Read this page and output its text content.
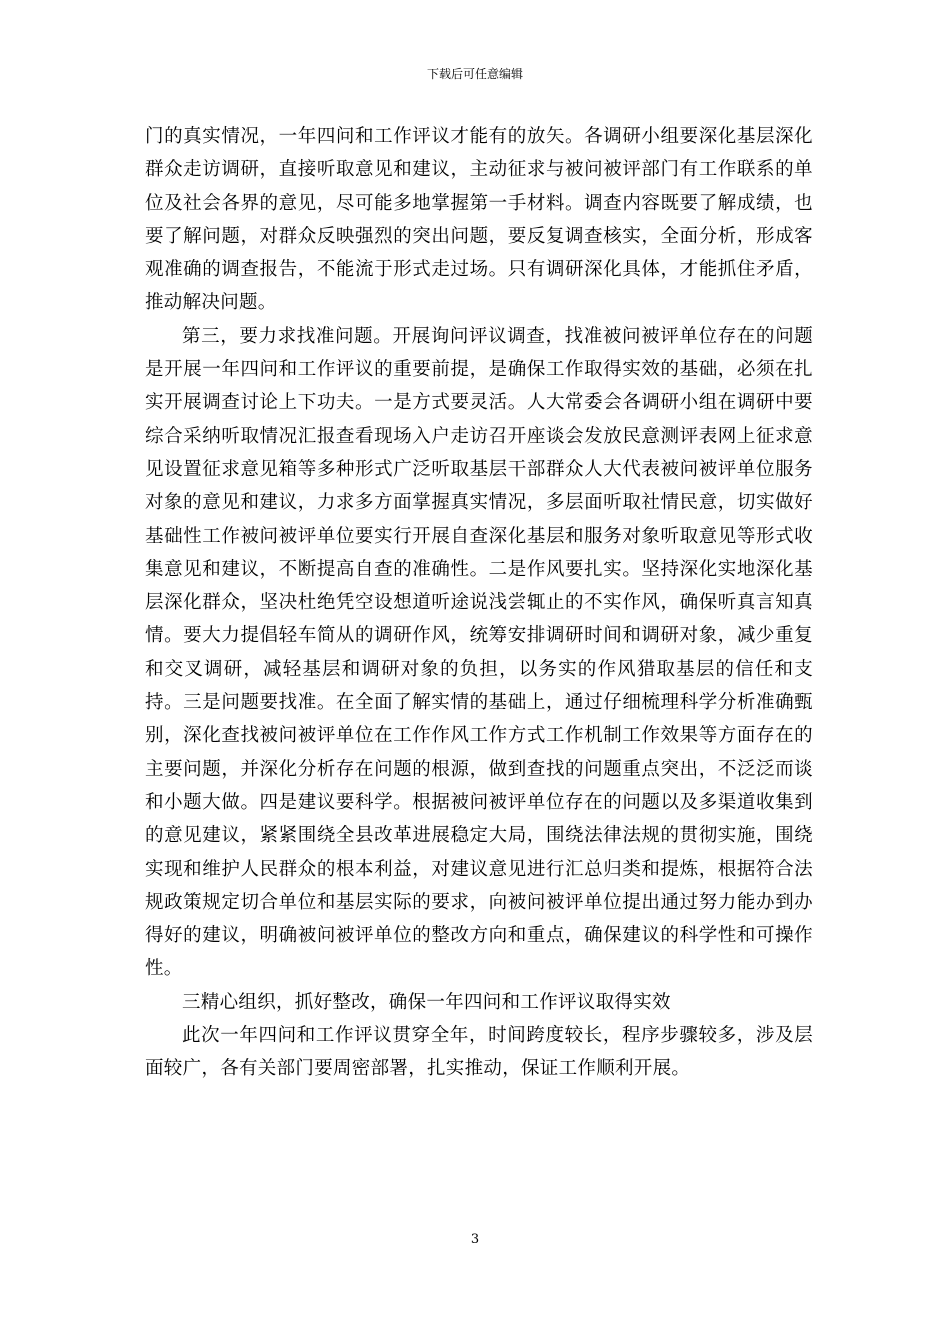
下载后可任意编辑

门的真实情况，一年四问和工作评议才能有的放矢。各调研小组要深化基层深化群众走访调研，直接听取意见和建议，主动征求与被问被评部门有工作联系的单位及社会各界的意见，尽可能多地掌握第一手材料。调查内容既要了解成绩，也要了解问题，对群众反映强烈的突出问题，要反复调查核实，全面分析，形成客观准确的调查报告，不能流于形式走过场。只有调研深化具体，才能抓住矛盾，推动解决问题。

第三，要力求找准问题。开展询问评议调查，找准被问被评单位存在的问题是开展一年四问和工作评议的重要前提，是确保工作取得实效的基础，必须在扎实开展调查讨论上下功夫。一是方式要灵活。人大常委会各调研小组在调研中要综合采纳听取情况汇报查看现场入户走访召开座谈会发放民意测评表网上征求意见设置征求意见箱等多种形式广泛听取基层干部群众人大代表被问被评单位服务对象的意见和建议，力求多方面掌握真实情况，多层面听取社情民意，切实做好基础性工作被问被评单位要实行开展自查深化基层和服务对象听取意见等形式收集意见和建议，不断提高自查的准确性。二是作风要扎实。坚持深化实地深化基层深化群众，坚决杜绝凭空设想道听途说浅尝辄止的不实作风，确保听真言知真情。要大力提倡轻车简从的调研作风，统筹安排调研时间和调研对象，减少重复和交叉调研，减轻基层和调研对象的负担，以务实的作风猎取基层的信任和支持。三是问题要找准。在全面了解实情的基础上，通过仔细梳理科学分析准确甄别，深化查找被问被评单位在工作作风工作方式工作机制工作效果等方面存在的主要问题，并深化分析存在问题的根源，做到查找的问题重点突出，不泛泛而谈和小题大做。四是建议要科学。根据被问被评单位存在的问题以及多渠道收集到的意见建议，紧紧围绕全县改革进展稳定大局，围绕法律法规的贯彻实施，围绕实现和维护人民群众的根本利益，对建议意见进行汇总归类和提炼，根据符合法规政策规定切合单位和基层实际的要求，向被问被评单位提出通过努力能办到办得好的建议，明确被问被评单位的整改方向和重点，确保建议的科学性和可操作性。

三精心组织，抓好整改，确保一年四问和工作评议取得实效

此次一年四问和工作评议贯穿全年，时间跨度较长，程序步骤较多，涉及层面较广，各有关部门要周密部署，扎实推动，保证工作顺利开展。

3
